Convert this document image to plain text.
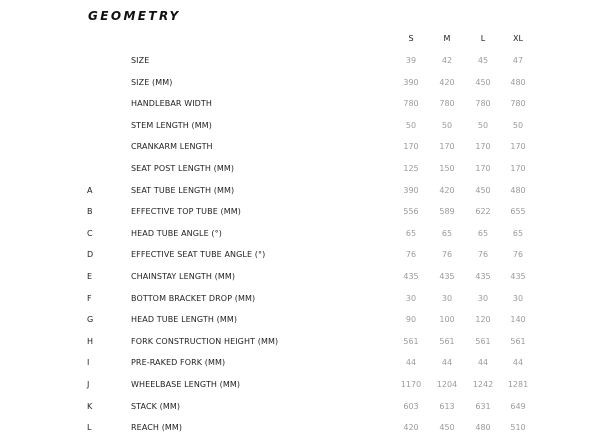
GEOMETRY
S	M	L	XL
SIZE	39	42	45	47
SIZE (MM)	390	420	450	480
HANDLEBAR WIDTH	780	780	780	780
STEM LENGTH (MM)	50	50	50	50
CRANKARM LENGTH	170	170	170	170
SEAT POST LENGTH (MM)	125	150	170	170
A	SEAT TUBE LENGTH (MM)	390	420	450	480
B	EFFECTIVE TOP TUBE (MM)	556	589	622	655
C	HEAD TUBE ANGLE (°)	65	65	65	65
D	EFFECTIVE SEAT TUBE ANGLE (°)	76	76	76	76
E	CHAINSTAY LENGTH (MM)	435	435	435	435
F	BOTTOM BRACKET DROP (MM)	30	30	30	30
G	HEAD TUBE LENGTH (MM)	90	100	120	140
H	FORK CONSTRUCTION HEIGHT (MM)	561	561	561	561
I	PRE-RAKED FORK (MM)	44	44	44	44
J	WHEELBASE LENGTH (MM)	1170	1204	1242	1281
K	STACK (MM)	603	613	631	649
L	REACH (MM)	420	450	480	510
